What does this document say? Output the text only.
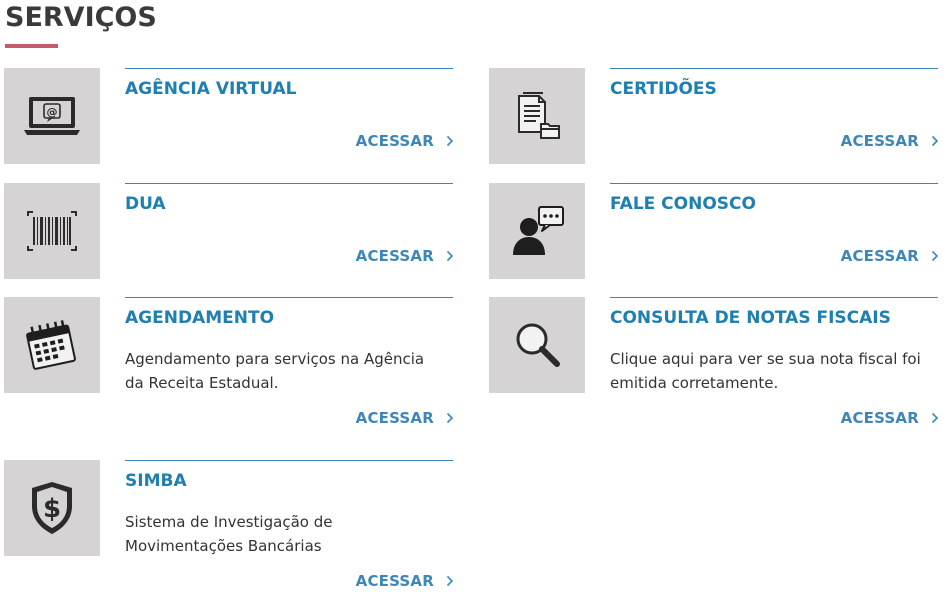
SERVIÇOS
@
AGÊNCIA VIRTUAL
ACESSAR
CERTIDÕES
ACESSAR
DUA
ACESSAR
FALE CONOSCO
ACESSAR
AGENDAMENTO

Agendamento para serviços na Agência da Receita Estadual.

ACESSAR
CONSULTA DE NOTAS FISCAIS

Clique aqui para ver se sua nota fiscal foi emitida corretamente.

ACESSAR
$
SIMBA

Sistema de Investigação de Movimentações Bancárias

ACESSAR
